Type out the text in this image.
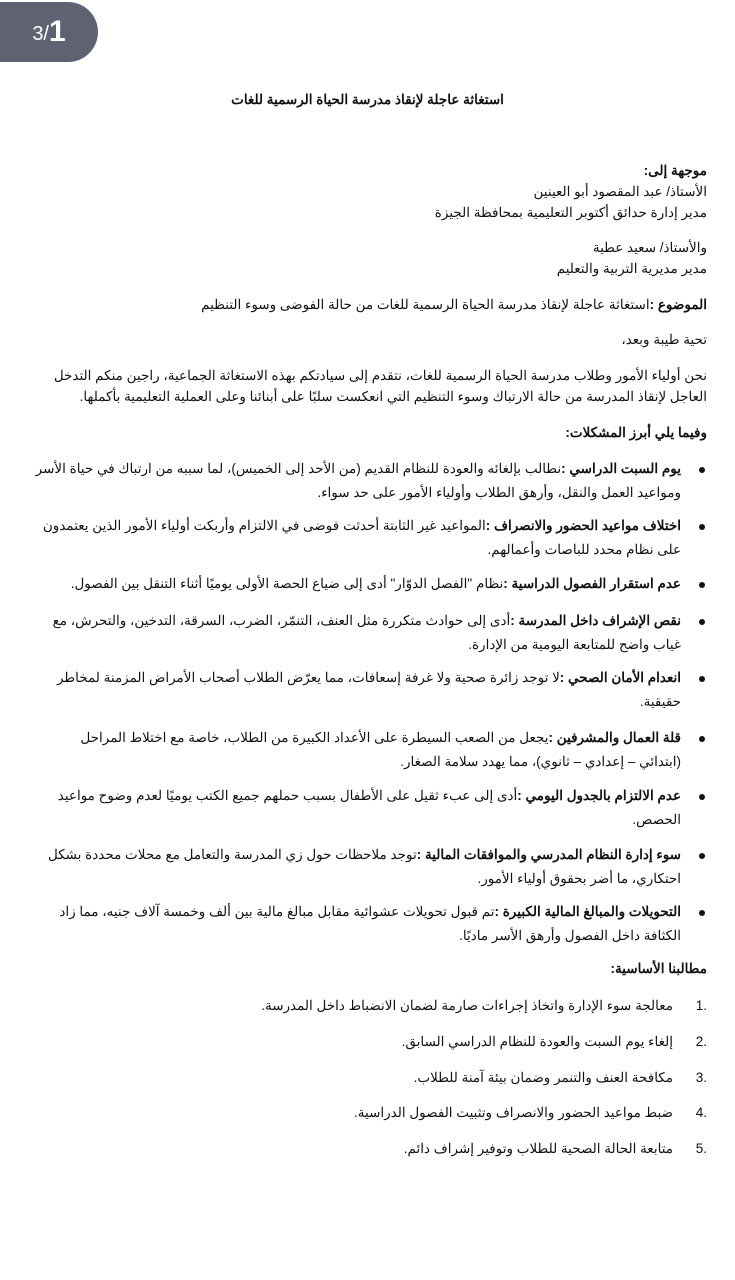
3/ 1
استغاثة عاجلة لإنقاذ مدرسة الحياة الرسمية للغات
موجهة إلى:
الأستاذ/ عبد المقصود أبو العينين
مدير إدارة حدائق أكتوبر التعليمية بمحافظة الجيزة
والأستاذ/ سعيد عطية
مدير مديرية التربية والتعليم
الموضوع :استغاثة عاجلة لإنقاذ مدرسة الحياة الرسمية للغات من حالة الفوضى وسوء التنظيم
تحية طيبة وبعد،
نحن أولياء الأمور وطلاب مدرسة الحياة الرسمية للغات، نتقدم إلى سيادتكم بهذه الاستغاثة الجماعية، راجين منكم التدخل العاجل لإنقاذ المدرسة من حالة الارتباك وسوء التنظيم التي انعكست سلبًا على أبنائنا وعلى العملية التعليمية بأكملها.
وفيما يلي أبرز المشكلات:
يوم السبت الدراسي :نطالب بإلغائه والعودة للنظام القديم (من الأحد إلى الخميس)، لما سببه من ارتباك في حياة الأسر ومواعيد العمل والنقل، وأرهق الطلاب وأولياء الأمور على حد سواء.
اختلاف مواعيد الحضور والانصراف :المواعيد غير الثابتة أحدثت فوضى في الالتزام وأربكت أولياء الأمور الذين يعتمدون على نظام محدد للباصات وأعمالهم.
عدم استقرار الفصول الدراسية :نظام "الفصل الدوّار" أدى إلى ضياع الحصة الأولى يوميًا أثناء التنقل بين الفصول.
نقص الإشراف داخل المدرسة :أدى إلى حوادث متكررة مثل العنف، التنمّر، الضرب، السرقة، التدخين، والتحرش، مع غياب واضح للمتابعة اليومية من الإدارة.
انعدام الأمان الصحي :لا توجد زائرة صحية ولا غرفة إسعافات، مما يعرّض الطلاب أصحاب الأمراض المزمنة لمخاطر حقيقية.
قلة العمال والمشرفين :يجعل من الصعب السيطرة على الأعداد الكبيرة من الطلاب، خاصة مع اختلاط المراحل (ابتدائي – إعدادي – ثانوي)، مما يهدد سلامة الصغار.
عدم الالتزام بالجدول اليومي :أدى إلى عبء ثقيل على الأطفال بسبب حملهم جميع الكتب يوميًا لعدم وضوح مواعيد الحصص.
سوء إدارة النظام المدرسي والموافقات المالية :توجد ملاحظات حول زي المدرسة والتعامل مع محلات محددة بشكل احتكاري، ما أضر بحقوق أولياء الأمور.
التحويلات والمبالغ المالية الكبيرة :تم قبول تحويلات عشوائية مقابل مبالغ مالية بين ألف وخمسة آلاف جنيه، مما زاد الكثافة داخل الفصول وأرهق الأسر ماديًا.
مطالبنا الأساسية:
1.
معالجة سوء الإدارة واتخاذ إجراءات صارمة لضمان الانضباط داخل المدرسة.
2.
إلغاء يوم السبت والعودة للنظام الدراسي السابق.
3.
مكافحة العنف والتنمر وضمان بيئة آمنة للطلاب.
4.
ضبط مواعيد الحضور والانصراف وتثبيت الفصول الدراسية.
5.
متابعة الحالة الصحية للطلاب وتوفير إشراف دائم.
